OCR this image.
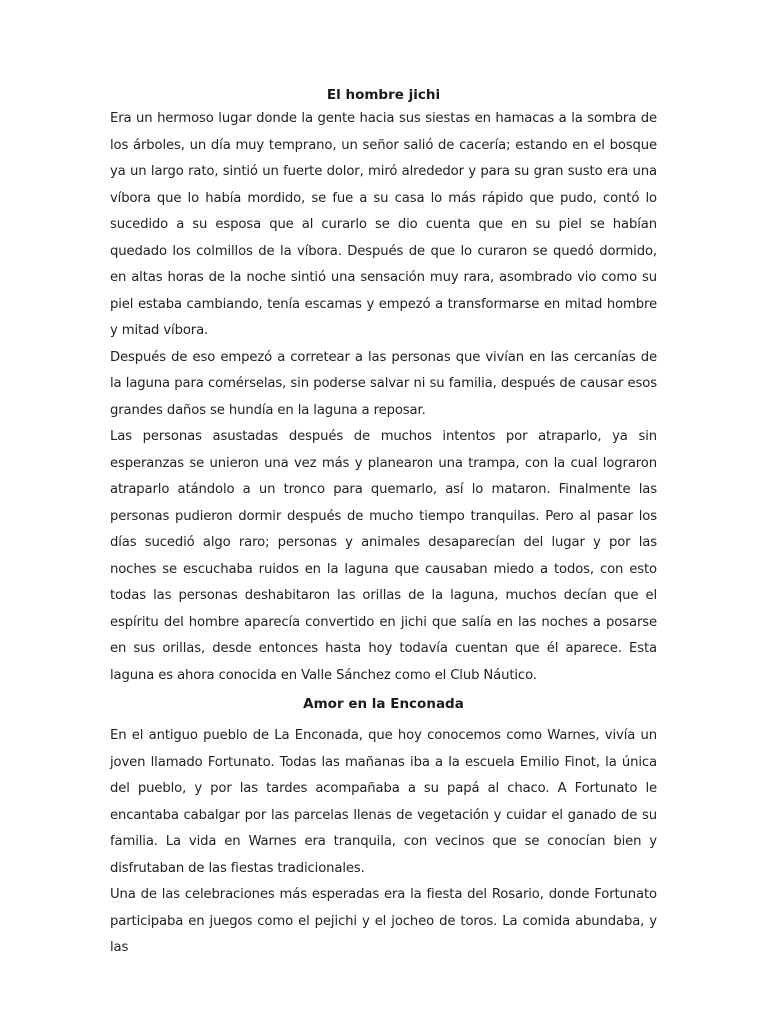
El hombre jichi

Era un hermoso lugar donde la gente hacia sus siestas en hamacas a la sombra de los árboles, un día muy temprano, un señor salió de cacería; estando en el bosque ya un largo rato, sintió un fuerte dolor, miró alrededor y para su gran susto era una víbora que lo había mordido, se fue a su casa lo más rápido que pudo, contó lo sucedido a su esposa que al curarlo se dio cuenta que en su piel se habían quedado los colmillos de la víbora. Después de que lo curaron se quedó dormido, en altas horas de la noche sintió una sensación muy rara, asombrado vio como su piel estaba cambiando, tenía escamas y empezó a transformarse en mitad hombre y mitad víbora.

Después de eso empezó a corretear a las personas que vivían en las cercanías de la laguna para comérselas, sin poderse salvar ni su familia, después de causar esos grandes daños se hundía en la laguna a reposar.

Las personas asustadas después de muchos intentos por atraparlo, ya sin esperanzas se unieron una vez más y planearon una trampa, con la cual lograron atraparlo atándolo a un tronco para quemarlo, así lo mataron. Finalmente las personas pudieron dormir después de mucho tiempo tranquilas. Pero al pasar los días sucedió algo raro; personas y animales desaparecían del lugar y por las noches se escuchaba ruidos en la laguna que causaban miedo a todos, con esto todas las personas deshabitaron las orillas de la laguna, muchos decían que el espíritu del hombre aparecía convertido en jichi que salía en las noches a posarse en sus orillas, desde entonces hasta hoy todavía cuentan que él aparece. Esta laguna es ahora conocida en Valle Sánchez como el Club Náutico.

Amor en la Enconada

En el antiguo pueblo de La Enconada, que hoy conocemos como Warnes, vivía un joven llamado Fortunato. Todas las mañanas iba a la escuela Emilio Finot, la única del pueblo, y por las tardes acompañaba a su papá al chaco. A Fortunato le encantaba cabalgar por las parcelas llenas de vegetación y cuidar el ganado de su familia. La vida en Warnes era tranquila, con vecinos que se conocían bien y disfrutaban de las fiestas tradicionales.

Una de las celebraciones más esperadas era la fiesta del Rosario, donde Fortunato participaba en juegos como el pejichi y el jocheo de toros. La comida abundaba, y las
